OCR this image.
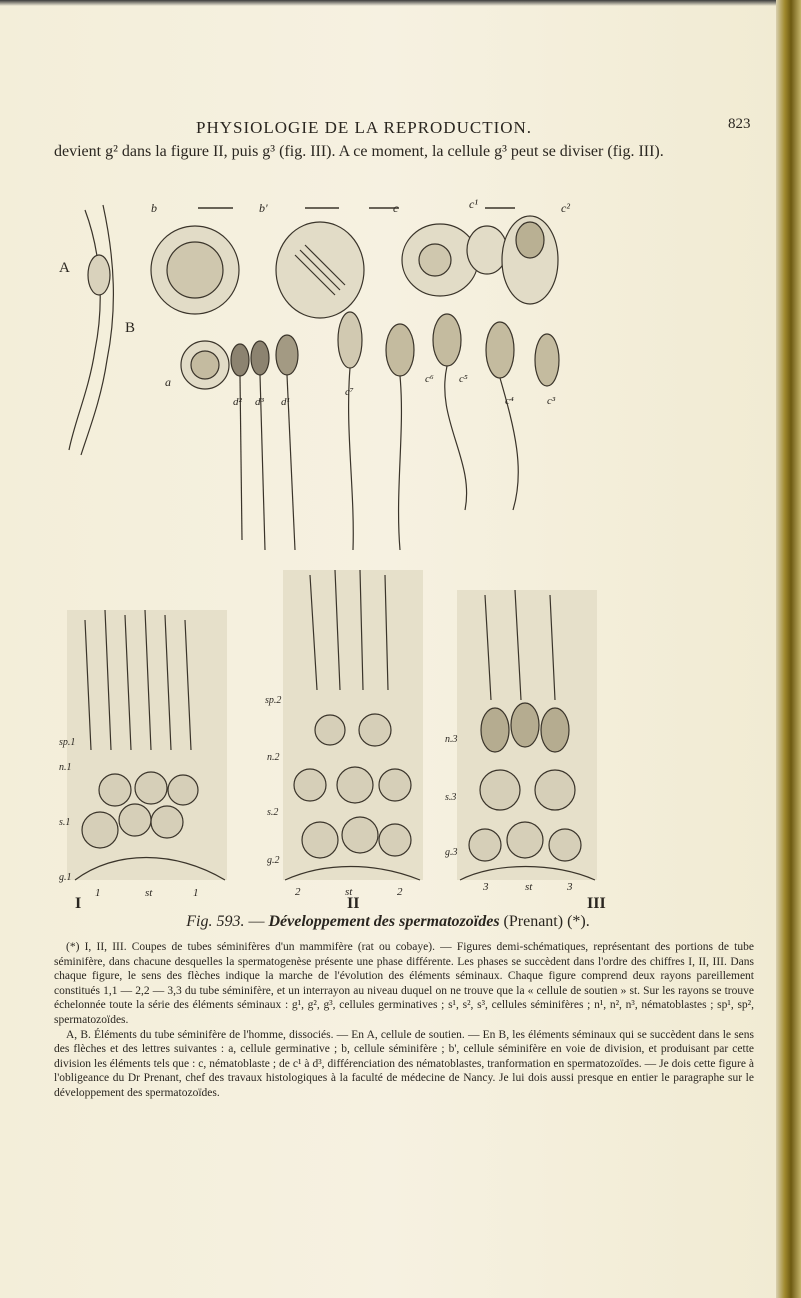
PHYSIOLOGIE DE LA REPRODUCTION.	823

devient g² dans la figure II, puis g³ (fig. III). A ce moment, la cellule g³ peut se diviser (fig. III).

A
B
a
b	b'	c	c¹	c²
d² d³ d¹
c⁷
c⁶ c⁵
c⁴	c³
sp.1
n.1
s.1
g.1
1	st	1
sp.2
n.2
s.2
g.2
2	st	2
n.3
s.3
g.3
3	st	3
I	II	III
Fig. 593. — Développement des spermatozoïdes (Prenant) (*).

(*) I, II, III. Coupes de tubes séminifères d'un mammifère (rat ou cobaye). — Figures demi-schématiques, représentant des portions de tube séminifère, dans chacune desquelles la spermatogenèse présente une phase différente. Les phases se succèdent dans l'ordre des chiffres I, II, III. Dans chaque figure, le sens des flèches indique la marche de l'évolution des éléments séminaux. Chaque figure comprend deux rayons pareillement constitués 1,1 — 2,2 — 3,3 du tube séminifère, et un interrayon au niveau duquel on ne trouve que la « cellule de soutien » st. Sur les rayons se trouve échelonnée toute la série des éléments séminaux : g¹, g², g³, cellules germinatives ; s¹, s², s³, cellules séminifères ; n¹, n², n³, nématoblastes ; sp¹, sp², spermatozoïdes.

A, B. Éléments du tube séminifère de l'homme, dissociés. — En A, cellule de soutien. — En B, les éléments séminaux qui se succèdent dans le sens des flèches et des lettres suivantes : a, cellule germinative ; b, cellule séminifère ; b', cellule séminifère en voie de division, et produisant par cette division les éléments tels que : c, nématoblaste ; de c¹ à d³, différenciation des nématoblastes, tranformation en spermatozoïdes. — Je dois cette figure à l'obligeance du Dr Prenant, chef des travaux histologiques à la faculté de médecine de Nancy. Je lui dois aussi presque en entier le paragraphe sur le développement des spermatozoïdes.
